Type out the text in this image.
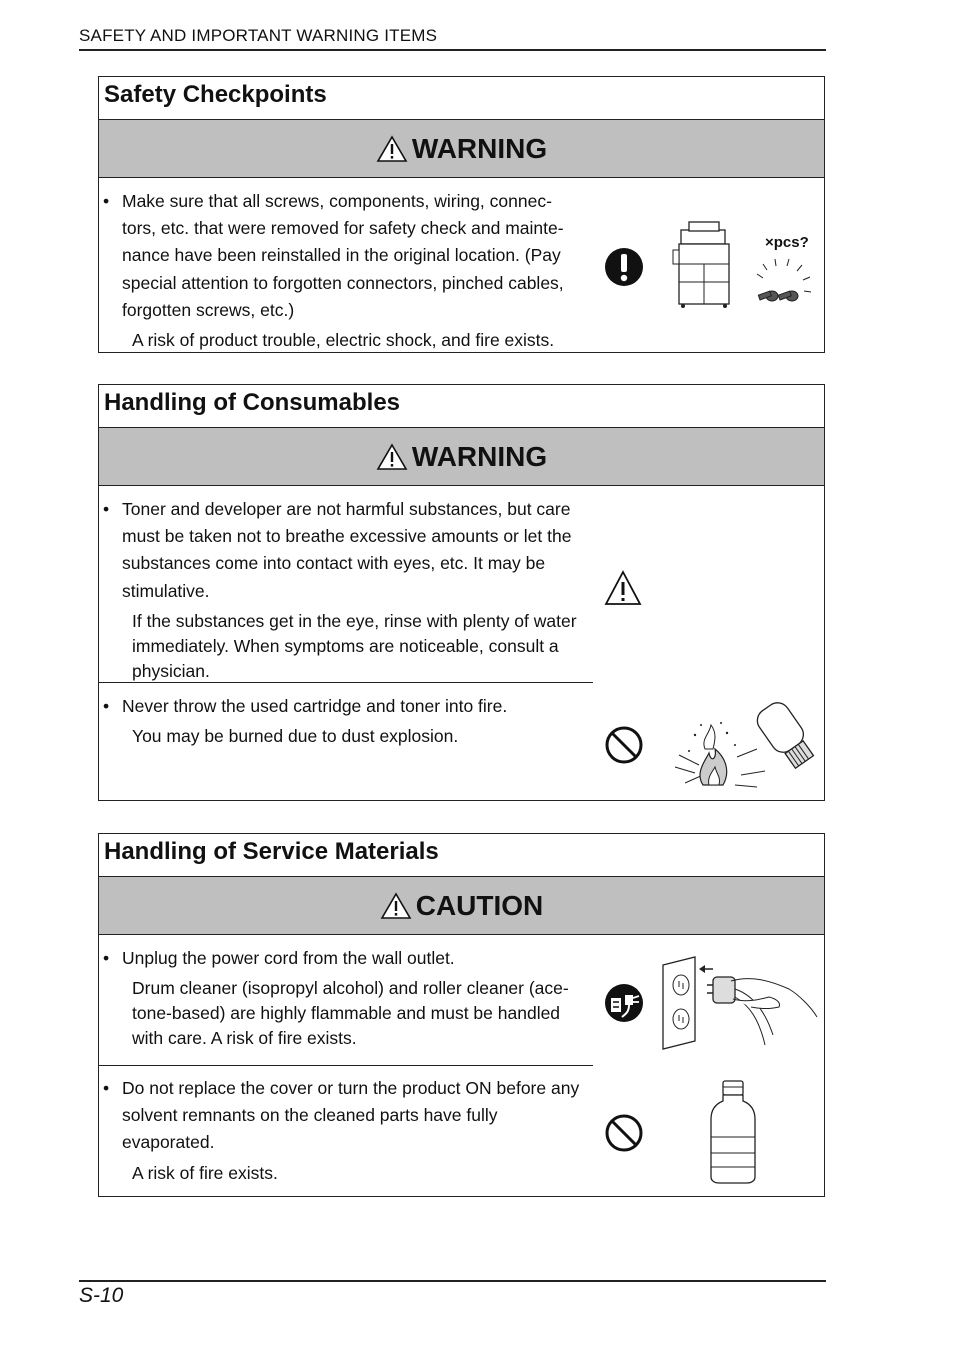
SAFETY AND IMPORTANT WARNING ITEMS
Safety Checkpoints
WARNING
• Make sure that all screws, components, wiring, connec-tors, etc. that were removed for safety check and mainte-nance have been reinstalled in the original location. (Pay special attention to forgotten connectors, pinched cables, forgotten screws, etc.)
A risk of product trouble, electric shock, and fire exists.
×pcs?
Handling of Consumables
WARNING
• Toner and developer are not harmful substances, but care must be taken not to breathe excessive amounts or let the substances come into contact with eyes, etc. It may be stimulative.
If the substances get in the eye, rinse with plenty of water immediately. When symptoms are noticeable, consult a physician.
• Never throw the used cartridge and toner into fire.
You may be burned due to dust explosion.
Handling of Service Materials
CAUTION
• Unplug the power cord from the wall outlet.
Drum cleaner (isopropyl alcohol) and roller cleaner (ace-tone-based) are highly flammable and must be handled with care. A risk of fire exists.
• Do not replace the cover or turn the product ON before any solvent remnants on the cleaned parts have fully evaporated.
A risk of fire exists.
S-10
